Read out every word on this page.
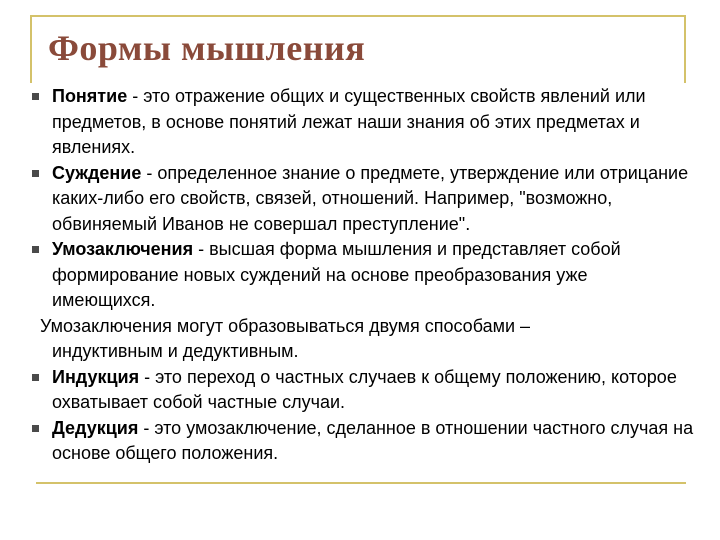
Формы мышления
Понятие - это отражение общих и существенных свойств явлений или предметов, в основе понятий лежат наши знания об этих предметах и явлениях.
Суждение - определенное знание о предмете, утверждение или отрицание каких-либо его свойств, связей, отношений. Например, "возможно, обвиняемый Иванов не совершал преступление".
Умозаключения - высшая форма мышления и представляет собой формирование новых суждений на основе преобразования уже имеющихся.
Умозаключения могут образовываться двумя способами –
индуктивным и дедуктивным.
Индукция - это переход о частных случаев к общему положению, которое охватывает собой частные случаи.
Дедукция - это умозаключение, сделанное в отношении частного случая на основе общего положения.
